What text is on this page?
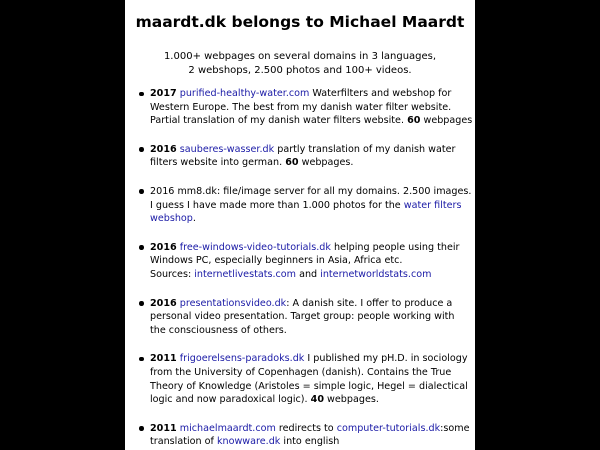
maardt.dk belongs to Michael Maardt
1.000+ webpages on several domains in 3 languages,
2 webshops, 2.500 photos and 100+ videos.
2017 purified-healthy-water.com Waterfilters and webshop for Western Europe. The best from my danish water filter website. Partial translation of my danish water filters website. 60 webpages
2016 sauberes-wasser.dk partly translation of my danish water filters website into german. 60 webpages.
2016 mm8.dk: file/image server for all my domains. 2.500 images. I guess I have made more than 1.000 photos for the water filters webshop.
2016 free-windows-video-tutorials.dk helping people using their Windows PC, especially beginners in Asia, Africa etc.
Sources: internetlivestats.com and internetworldstats.com
2016 presentationsvideo.dk: A danish site. I offer to produce a personal video presentation. Target group: people working with the consciousness of others.
2011 frigoerelsens-paradoks.dk I published my pH.D. in sociology from the University of Copenhagen (danish). Contains the True Theory of Knowledge (Aristoles = simple logic, Hegel = dialectical logic and now paradoxical logic). 40 webpages.
2011 michaelmaardt.com redirects to computer-tutorials.dk:some translation of knowware.dk into english
